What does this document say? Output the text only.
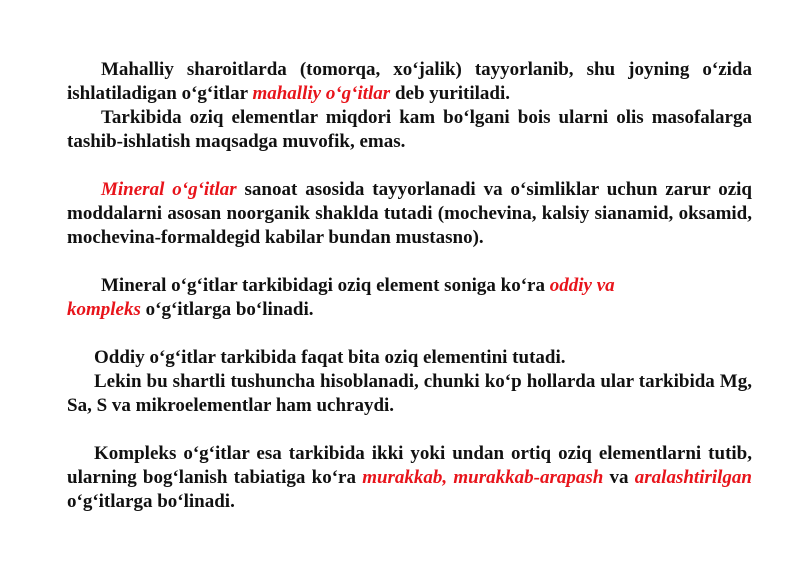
Mahalliy sharoitlarda (tomorqa, xo‘jalik) tayyorlanib, shu joyning o‘zida ishlatiladigan o‘g‘itlar mahalliy o‘g‘itlar deb yuritiladi.

Tarkibida oziq elementlar miqdori kam bo‘lgani bois ularni olis masofalarga tashib-ishlatish maqsadga muvofik, emas.

Mineral o‘g‘itlar sanoat asosida tayyorlanadi va o‘simliklar uchun zarur oziq moddalarni asosan noorganik shaklda tutadi (mochevina, kalsiy sianamid, oksamid, mochevina-formaldegid kabilar bundan mustasno).

Mineral o‘g‘itlar tarkibidagi oziq element soniga ko‘ra oddiy va
kompleks o‘g‘itlarga bo‘linadi.

Oddiy o‘g‘itlar tarkibida faqat bita oziq elementini tutadi.

Lekin bu shartli tushuncha hisoblanadi, chunki ko‘p hollarda ular tarkibida Mg, Sa, S va mikroelementlar ham uchraydi.

Kompleks o‘g‘itlar esa tarkibida ikki yoki undan ortiq oziq elementlarni tutib, ularning bog‘lanish tabiatiga ko‘ra murakkab, murakkab-arapash va aralashtirilgan o‘g‘itlarga bo‘linadi.
